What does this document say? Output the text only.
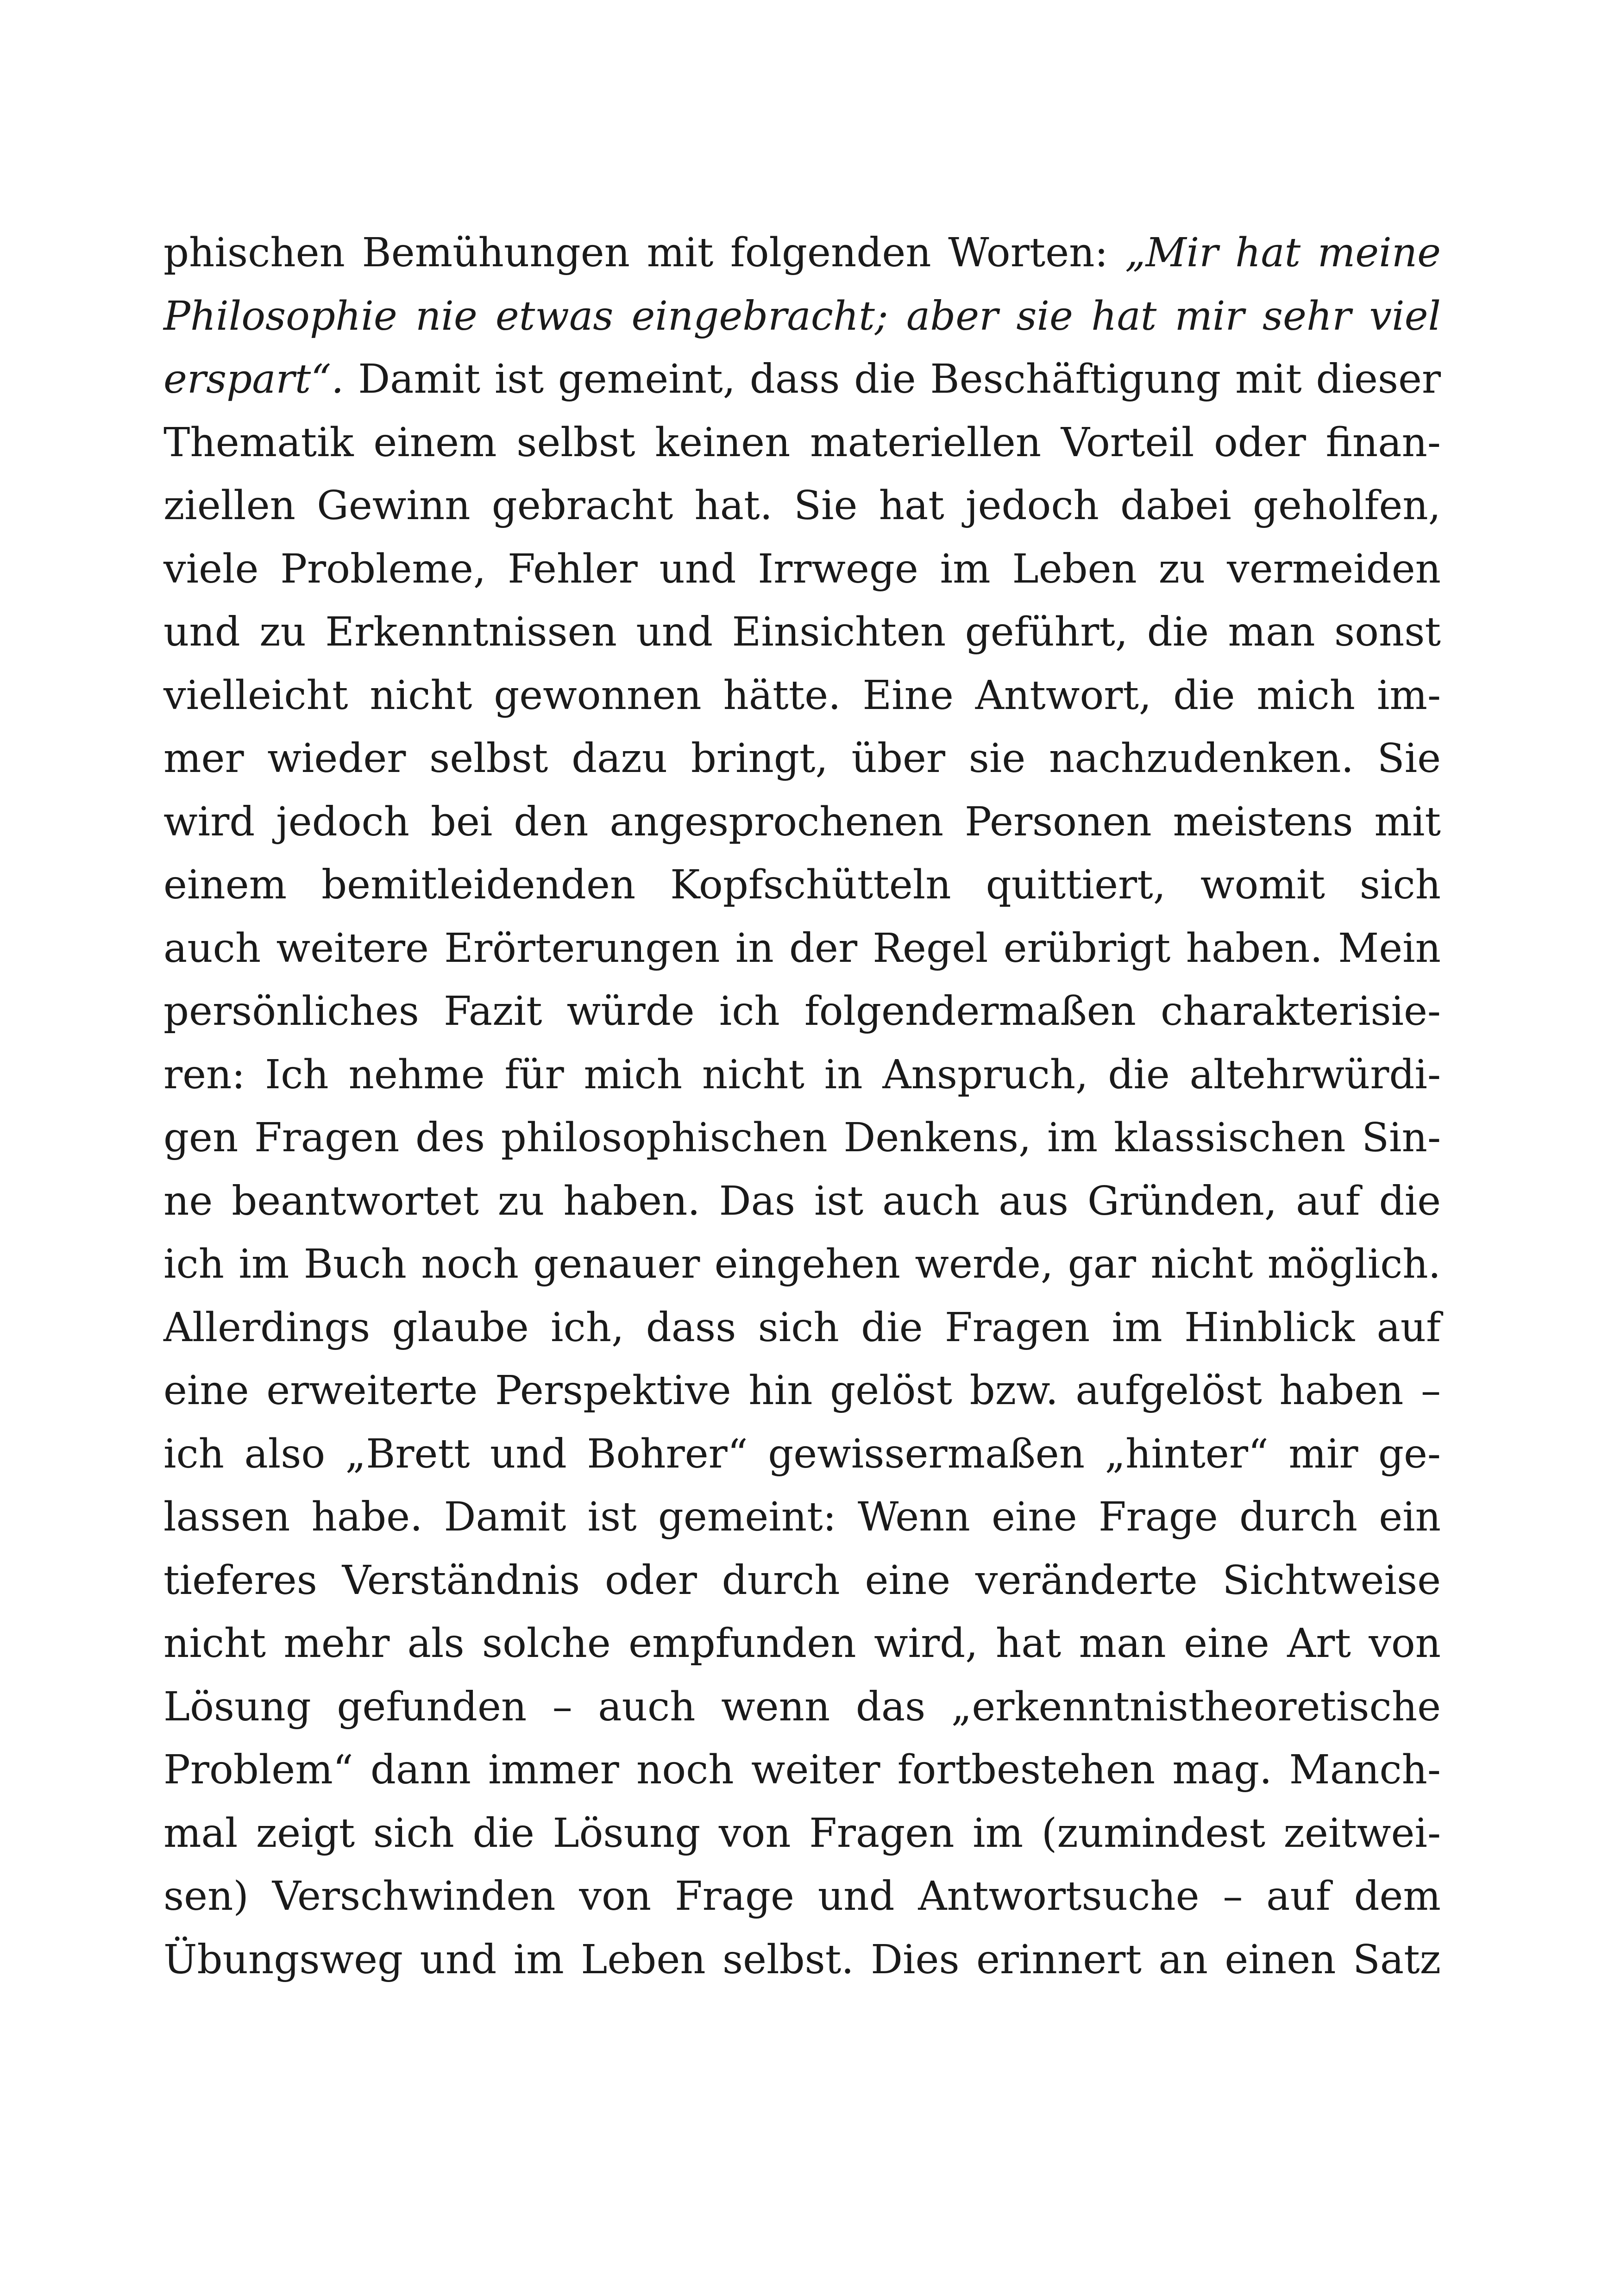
phischen Bemühungen mit folgenden Worten: „Mir hat meine
Philosophie nie etwas eingebracht; aber sie hat mir sehr viel
erspart“. Damit ist gemeint, dass die Beschäftigung mit dieser
Thematik einem selbst keinen materiellen Vorteil oder finan-
ziellen Gewinn gebracht hat. Sie hat jedoch dabei geholfen,
viele Probleme, Fehler und Irrwege im Leben zu vermeiden
und zu Erkenntnissen und Einsichten geführt, die man sonst
vielleicht nicht gewonnen hätte. Eine Antwort, die mich im-
mer wieder selbst dazu bringt, über sie nachzudenken. Sie
wird jedoch bei den angesprochenen Personen meistens mit
einem bemitleidenden Kopfschütteln quittiert, womit sich
auch weitere Erörterungen in der Regel erübrigt haben. Mein
persönliches Fazit würde ich folgendermaßen charakterisie-
ren: Ich nehme für mich nicht in Anspruch, die altehrwürdi-
gen Fragen des philosophischen Denkens, im klassischen Sin-
ne beantwortet zu haben. Das ist auch aus Gründen, auf die
ich im Buch noch genauer eingehen werde, gar nicht möglich.
Allerdings glaube ich, dass sich die Fragen im Hinblick auf
eine erweiterte Perspektive hin gelöst bzw. aufgelöst haben –
ich also „Brett und Bohrer“ gewissermaßen „hinter“ mir ge-
lassen habe. Damit ist gemeint: Wenn eine Frage durch ein
tieferes Verständnis oder durch eine veränderte Sichtweise
nicht mehr als solche empfunden wird, hat man eine Art von
Lösung gefunden – auch wenn das „erkenntnistheoretische
Problem“ dann immer noch weiter fortbestehen mag. Manch-
mal zeigt sich die Lösung von Fragen im (zumindest zeitwei-
sen) Verschwinden von Frage und Antwortsuche – auf dem
Übungsweg und im Leben selbst. Dies erinnert an einen Satz
